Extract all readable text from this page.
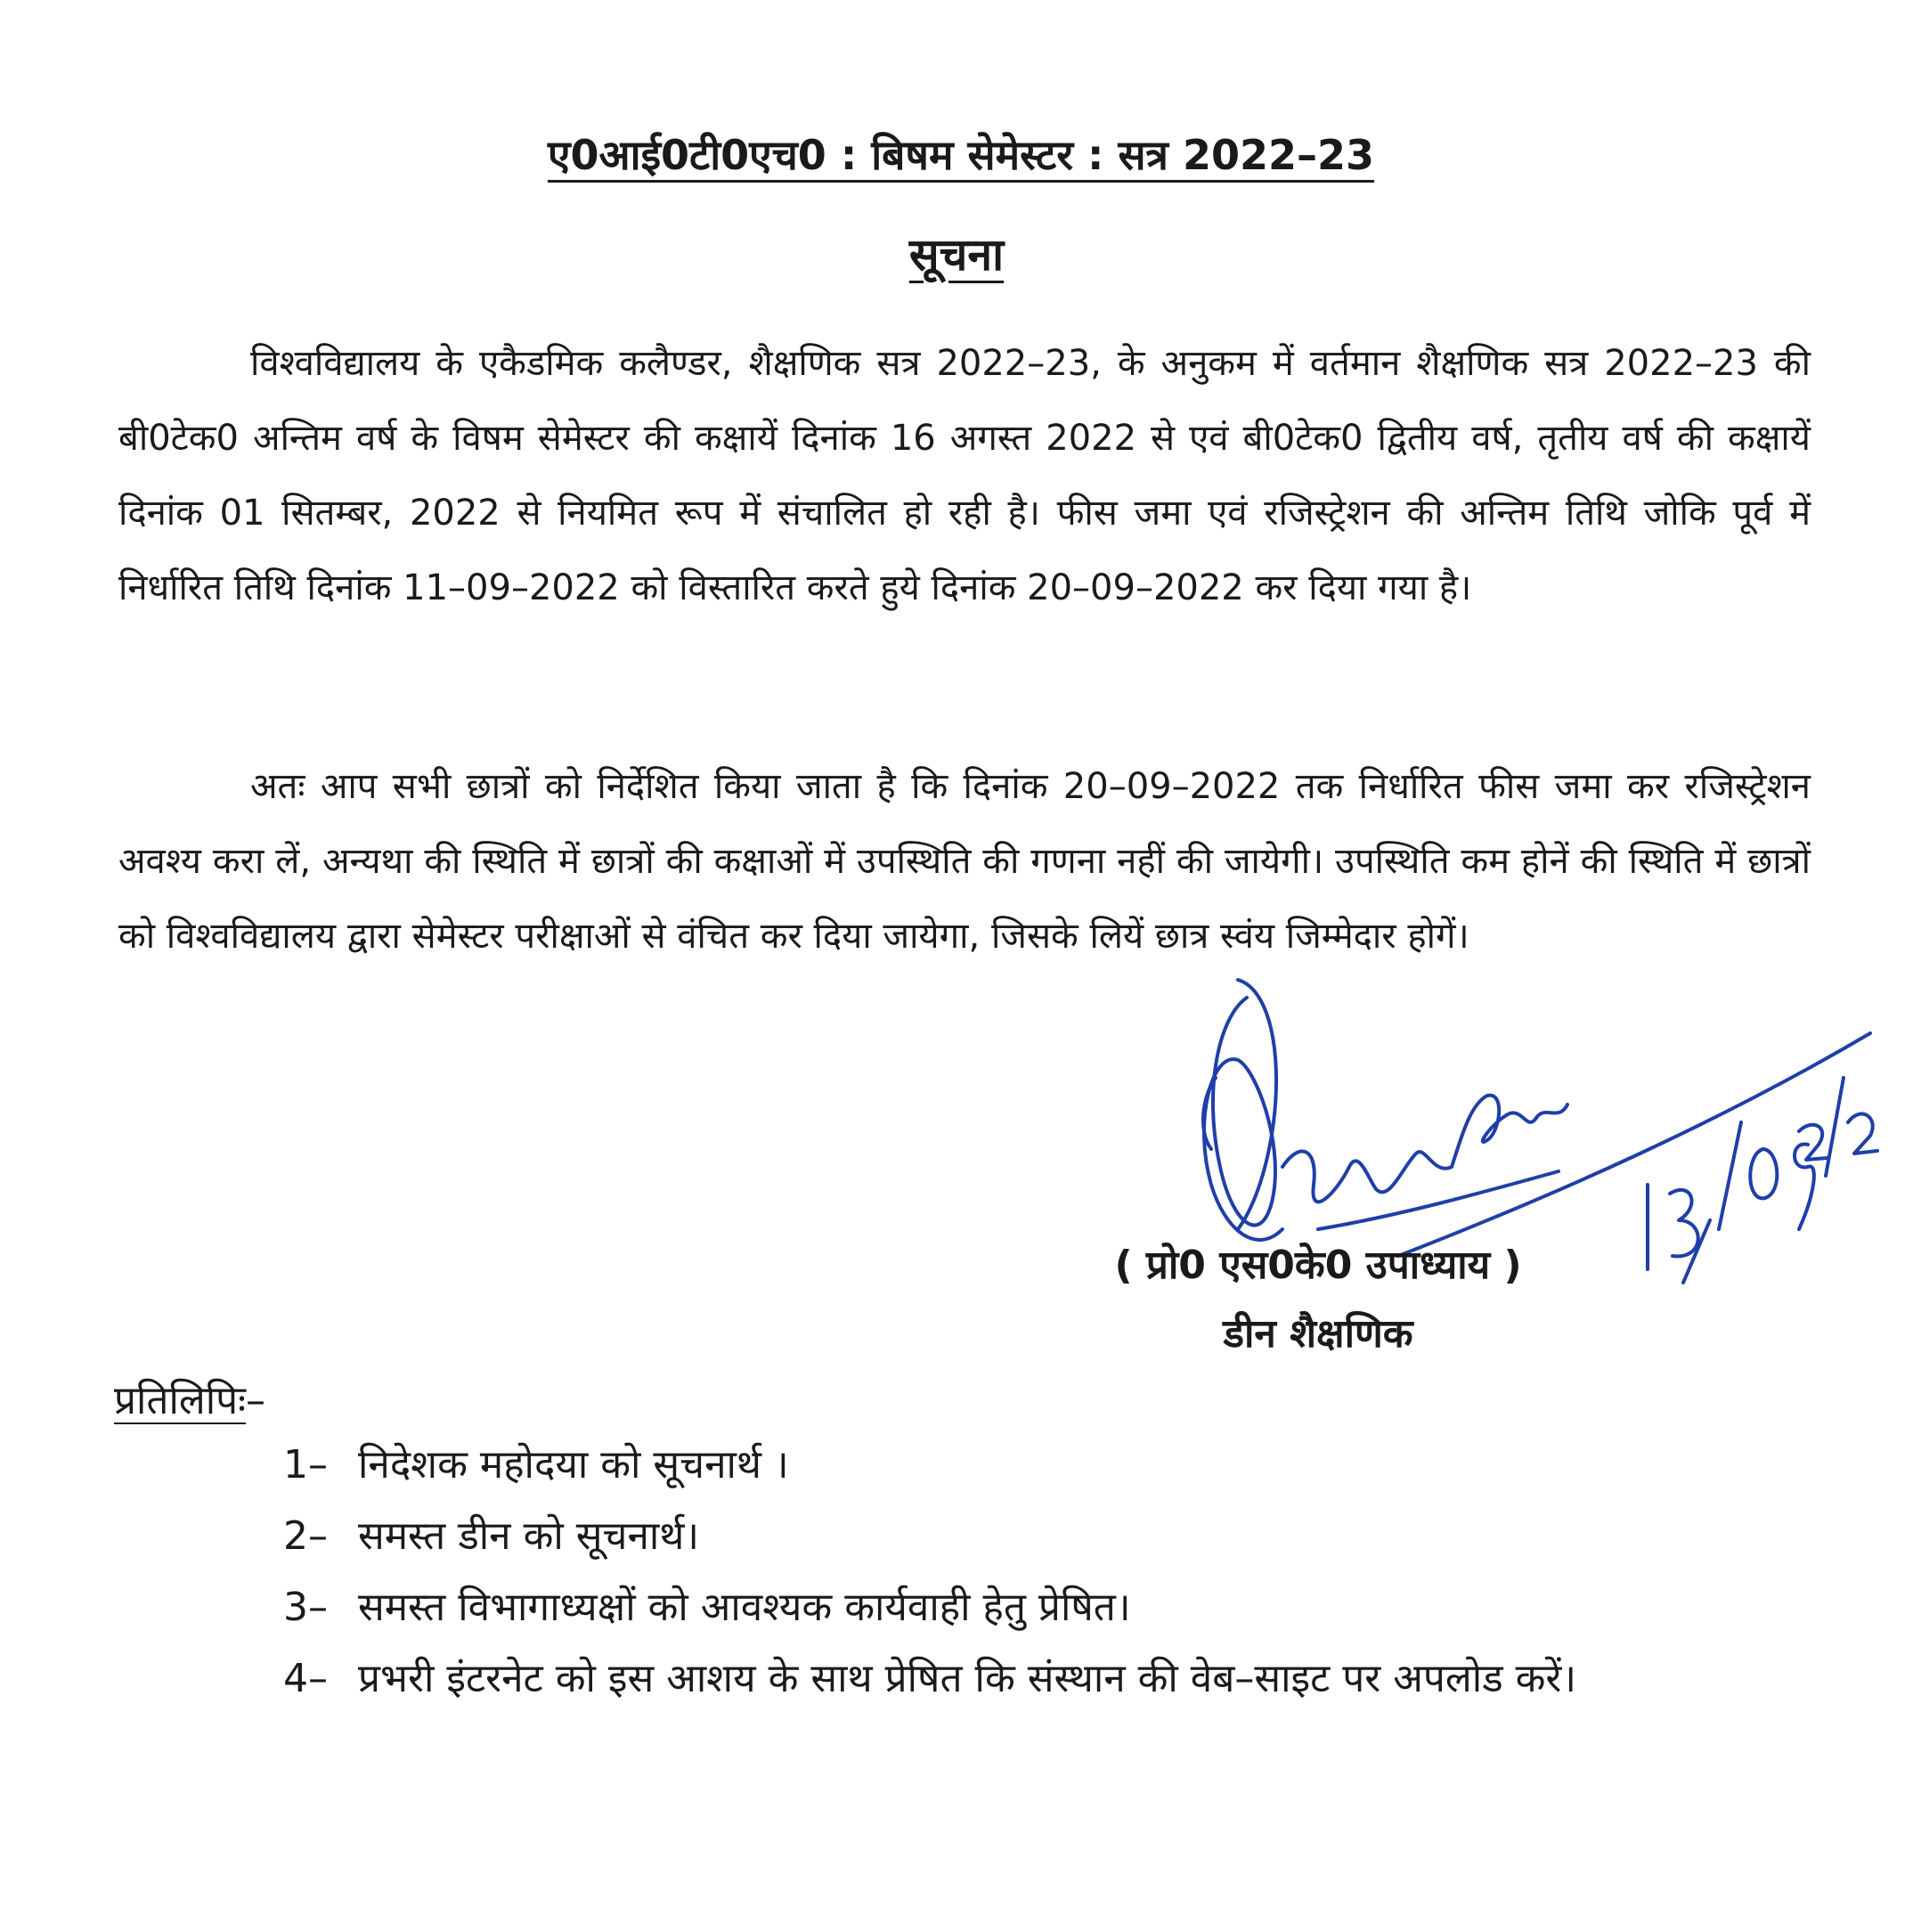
ए0आई0टी0एच0 : बिषम सेमेस्टर : सत्र 2022–23
सूचना

विश्वविद्यालय के एकैडमिक कलैण्डर, शैक्षणिक सत्र 2022–23, के अनुकम में वर्तमान शैक्षणिक सत्र 2022–23 की बी0टेक0 अन्तिम वर्ष के विषम सेमेस्टर की कक्षायें दिनांक 16 अगस्त 2022 से एवं बी0टेक0 द्वितीय वर्ष, तृतीय वर्ष की कक्षायें दिनांक 01 सितम्बर, 2022 से नियमित रूप में संचालित हो रही है। फीस जमा एवं रजिस्ट्रेशन की अन्तिम तिथि जोकि पूर्व में निर्धारित तिथि दिनांक 11–09–2022 को विस्तारित करते हुये दिनांक 20–09–2022 कर दिया गया है।

अतः आप सभी छात्रों को निर्देशित किया जाता है कि दिनांक 20–09–2022 तक निर्धारित फीस जमा कर रजिस्ट्रेशन अवश्य करा लें, अन्यथा की स्थिति में छात्रों की कक्षाओं में उपस्थिति की गणना नहीं की जायेगी। उपस्थिति कम होनें की स्थिति में छात्रों को विश्वविद्यालय द्वारा सेमेस्टर परीक्षाओं से वंचित कर दिया जायेगा, जिसके लियें छात्र स्वंय जिम्मेदार होगें।

( प्रो0 एस0के0 उपाध्याय )
डीन शैक्षणिक
प्रतिलिपिः–
1– निदेशक महोदया को सूचनार्थ ।
2– समस्त डीन को सूचनार्थ।
3– समस्त विभागाध्यक्षों को आवश्यक कार्यवाही हेतु प्रेषित।
4– प्रभरी इंटरनेट को इस आशय के साथ प्रेषित कि संस्थान की वेब–साइट पर अपलोड करें।
